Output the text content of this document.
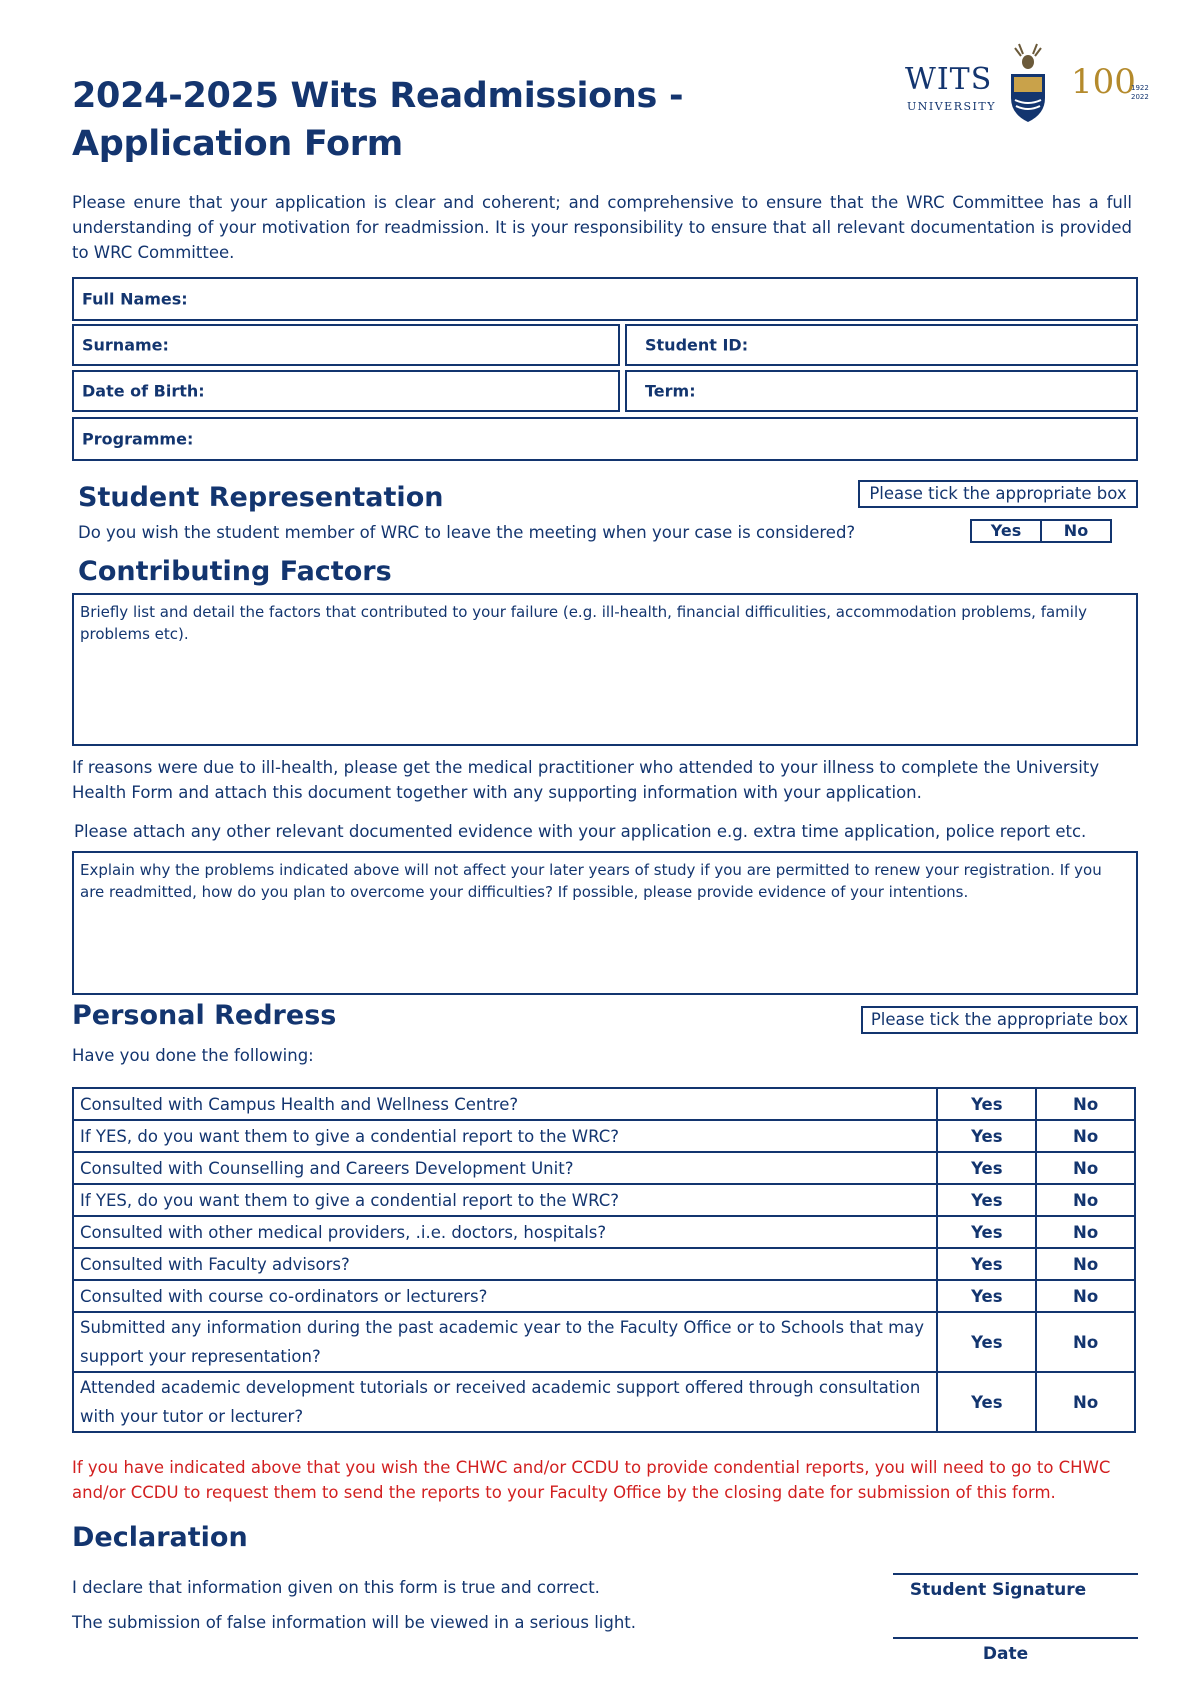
2024-2025 Wits Readmissions -
Application Form
WITS
UNIVERSITY
100
1922
2022
Please enure that your application is clear and coherent; and comprehensive to ensure that the WRC Committee has a full understanding of your motivation for readmission. It is your responsibility to ensure that all relevant documentation is provided to WRC Committee.
Full Names:
Surname:	Student ID:
Date of Birth:	Term:
Programme:
Student Representation	Please tick the appropriate box
Do you wish the student member of WRC to leave the meeting when your case is considered?	Yes	No
Contributing Factors
Briefly list and detail the factors that contributed to your failure (e.g. ill-health, financial difficulities, accommodation problems, family problems etc).
If reasons were due to ill-health, please get the medical practitioner who attended to your illness to complete the University Health Form and attach this document together with any supporting information with your application.
Please attach any other relevant documented evidence with your application e.g. extra time application, police report etc.
Explain why the problems indicated above will not affect your later years of study if you are permitted to renew your registration. If you are readmitted, how do you plan to overcome your difficulties? If possible, please provide evidence of your intentions.
Personal Redress	Please tick the appropriate box
Have you done the following:
Consulted with Campus Health and Wellness Centre?	Yes	No
If YES, do you want them to give a condential report to the WRC?	Yes	No
Consulted with Counselling and Careers Development Unit?	Yes	No
If YES, do you want them to give a condential report to the WRC?	Yes	No
Consulted with other medical providers, .i.e. doctors, hospitals?	Yes	No
Consulted with Faculty advisors?	Yes	No
Consulted with course co-ordinators or lecturers?	Yes	No
Submitted any information during the past academic year to the Faculty Office or to Schools that may support your representation?	Yes	No
Attended academic development tutorials or received academic support offered through consultation with your tutor or lecturer?	Yes	No
If you have indicated above that you wish the CHWC and/or CCDU to provide condential reports, you will need to go to CHWC and/or CCDU to request them to send the reports to your Faculty Office by the closing date for submission of this form.
Declaration
I declare that information given on this form is true and correct.
The submission of false information will be viewed in a serious light.
Student Signature
Date
